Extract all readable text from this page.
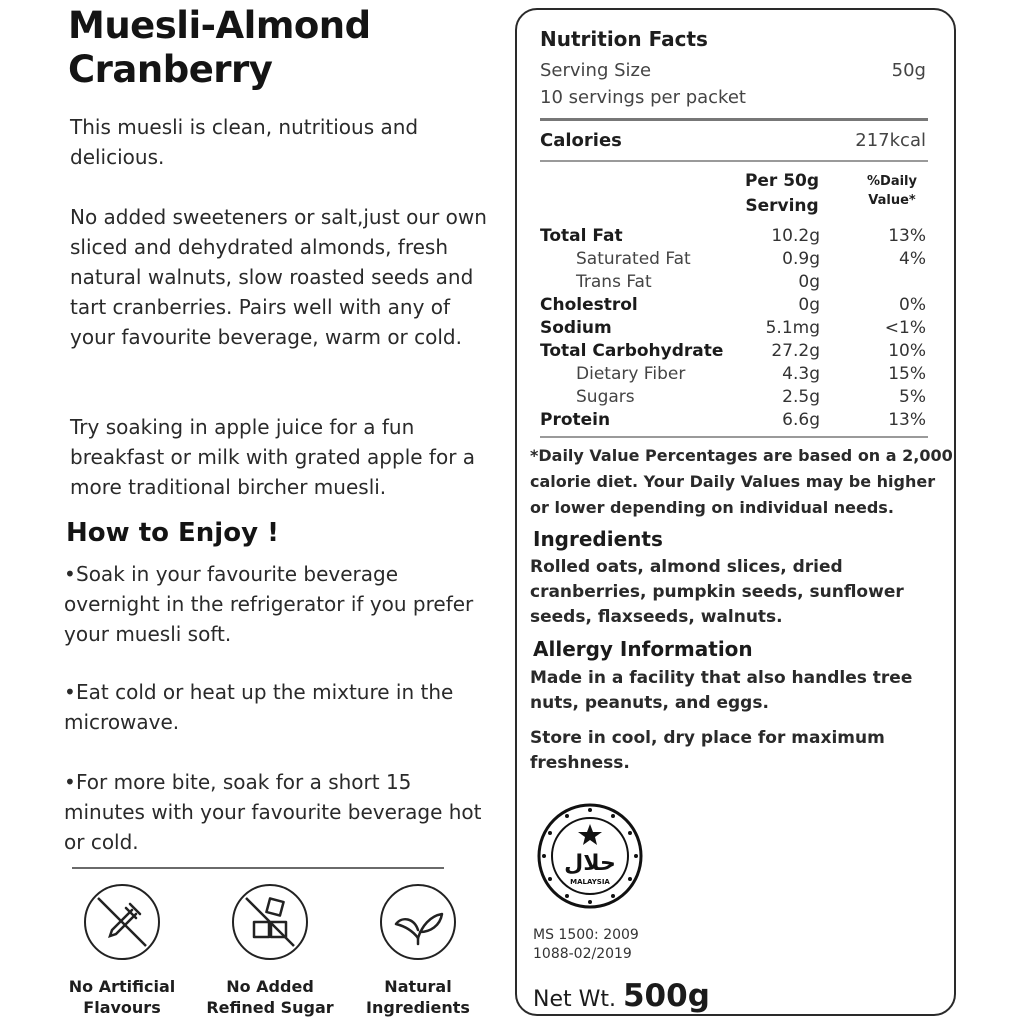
Muesli-Almond Cranberry

This muesli is clean, nutritious and delicious.

No added sweeteners or salt,just our own sliced and dehydrated almonds, fresh natural walnuts, slow roasted seeds and tart cranberries. Pairs well with any of your favourite beverage, warm or cold.

Try soaking in apple juice for a fun breakfast or milk with grated apple for a more traditional bircher muesli.

How to Enjoy !
•Soak in your favourite beverage overnight in the refrigerator if you prefer your muesli soft.
•Eat cold or heat up the mixture in the microwave.
•For more bite, soak for a short 15 minutes with your favourite beverage hot or cold.
No Artificial Flavours
No Added Refined Sugar
Natural Ingredients
Nutrition Facts
Serving Size	50g
10 servings per packet
Calories	217kcal
Per 50g
Serving
%Daily
Value*
Total Fat	10.2g	13%
Saturated Fat	0.9g	4%
Trans Fat	0g
Cholestrol	0g	0%
Sodium	5.1mg	<1%
Total Carbohydrate	27.2g	10%
Dietary Fiber	4.3g	15%
Sugars	2.5g	5%
Protein	6.6g	13%
*Daily Value Percentages are based on a 2,000 calorie diet. Your Daily Values may be higher or lower depending on individual needs.
Ingredients
Rolled oats, almond slices, dried cranberries, pumpkin seeds, sunflower seeds, flaxseeds, walnuts.
Allergy Information
Made in a facility that also handles tree nuts, peanuts, and eggs.
Store in cool, dry place for maximum freshness.
حلال
MALAYSIA
MS 1500: 2009
1088-02/2019
Net Wt. 500g
